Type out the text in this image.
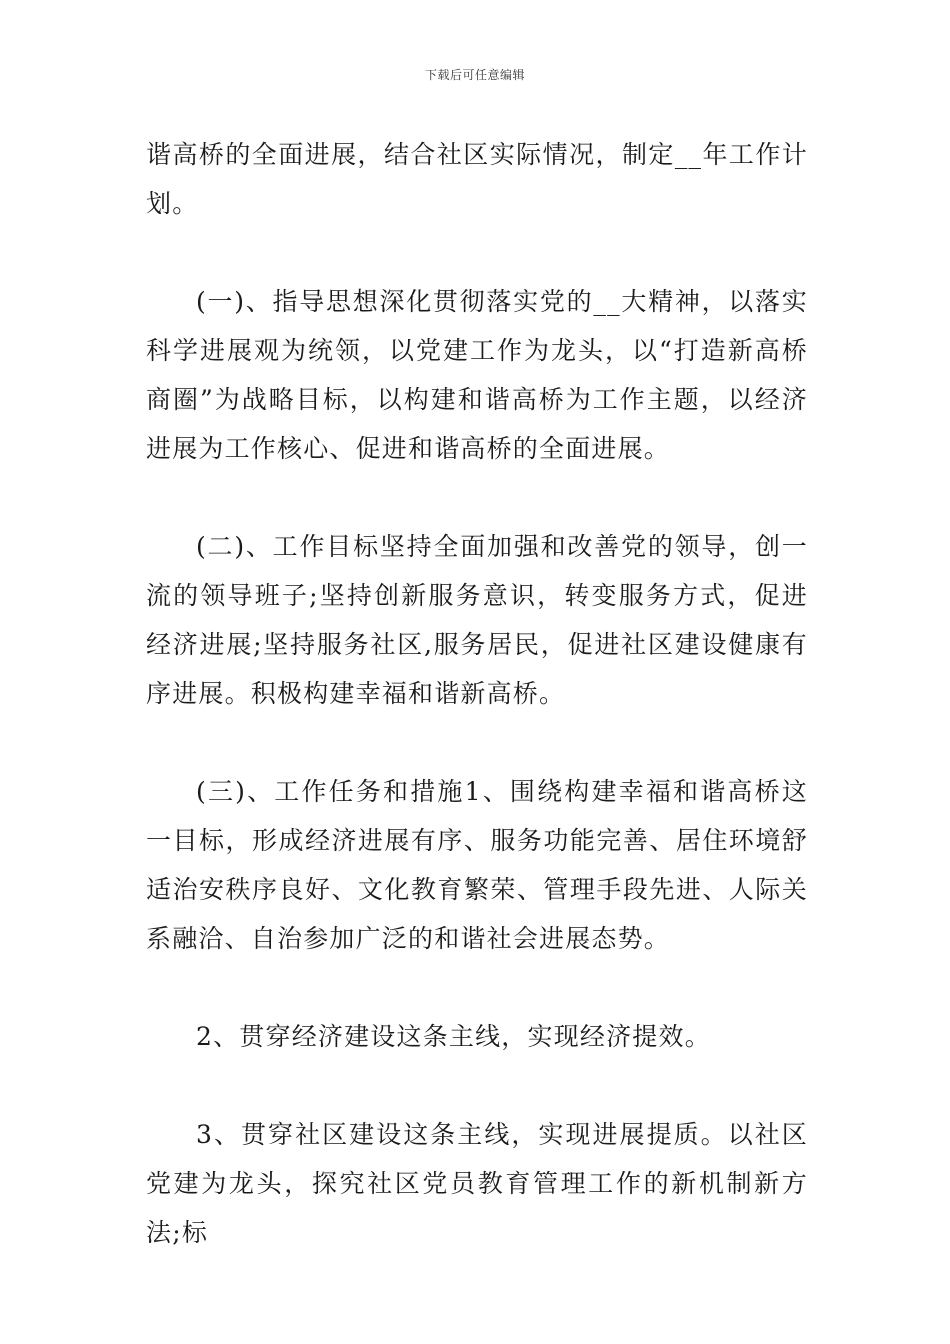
下载后可任意编辑

谐高桥的全面进展，结合社区实际情况，制定__年工作计划。

(一)、指导思想深化贯彻落实党的__大精神，以落实科学进展观为统领，以党建工作为龙头，以“打造新高桥商圈”为战略目标，以构建和谐高桥为工作主题，以经济进展为工作核心、促进和谐高桥的全面进展。

(二)、工作目标坚持全面加强和改善党的领导，创一流的领导班子;坚持创新服务意识，转变服务方式，促进经济进展;坚持服务社区,服务居民，促进社区建设健康有序进展。积极构建幸福和谐新高桥。

(三)、工作任务和措施1、围绕构建幸福和谐高桥这一目标，形成经济进展有序、服务功能完善、居住环境舒适治安秩序良好、文化教育繁荣、管理手段先进、人际关系融洽、自治参加广泛的和谐社会进展态势。

2、贯穿经济建设这条主线，实现经济提效。

3、贯穿社区建设这条主线，实现进展提质。以社区党建为龙头，探究社区党员教育管理工作的新机制新方法;标
